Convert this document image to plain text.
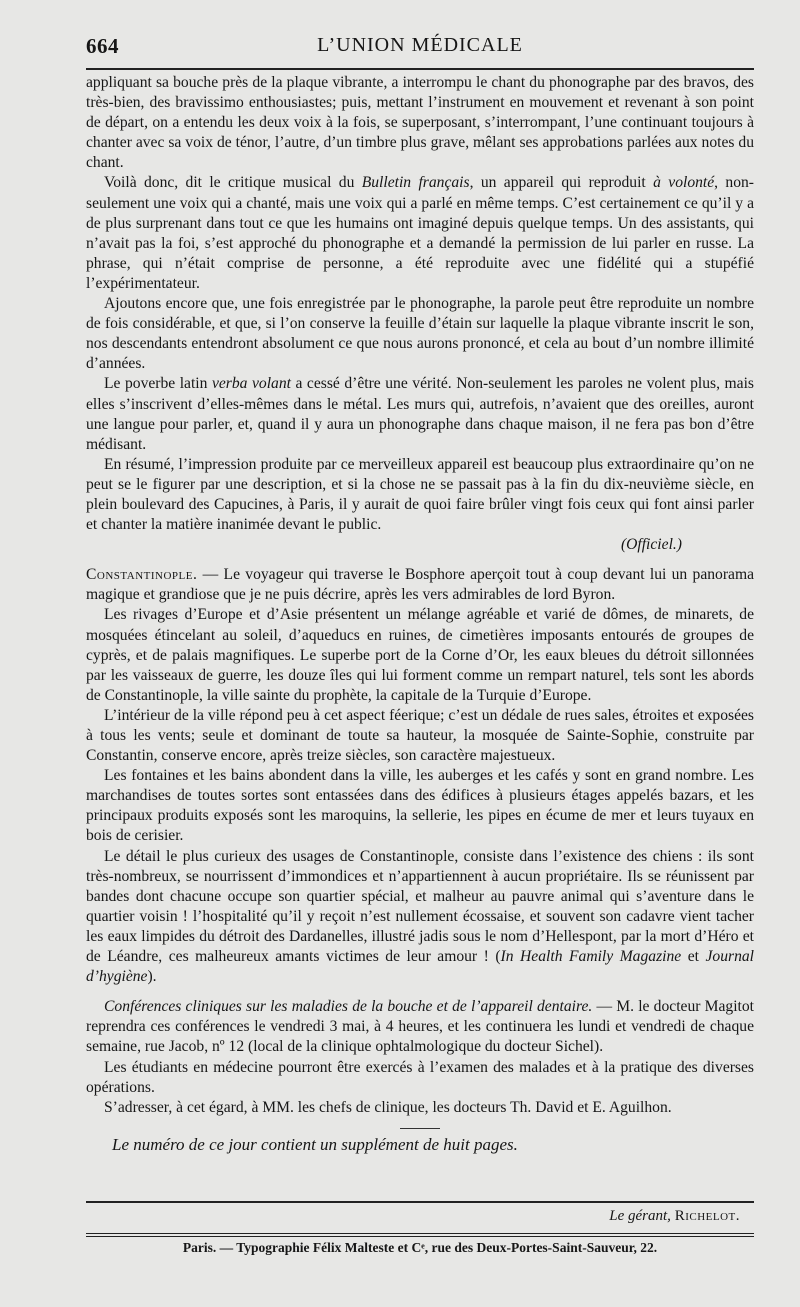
664	L’UNION MÉDICALE

appliquant sa bouche près de la plaque vibrante, a interrompu le chant du phonographe par des bravos, des très-bien, des bravissimo enthousiastes; puis, mettant l’instrument en mouvement et revenant à son point de départ, on a entendu les deux voix à la fois, se superposant, s’interrompant, l’une continuant toujours à chanter avec sa voix de ténor, l’autre, d’un timbre plus grave, mêlant ses approbations parlées aux notes du chant.

Voilà donc, dit le critique musical du Bulletin français, un appareil qui reproduit à volonté, non-seulement une voix qui a chanté, mais une voix qui a parlé en même temps. C’est certainement ce qu’il y a de plus surprenant dans tout ce que les humains ont imaginé depuis quelque temps. Un des assistants, qui n’avait pas la foi, s’est approché du phonographe et a demandé la permission de lui parler en russe. La phrase, qui n’était comprise de personne, a été reproduite avec une fidélité qui a stupéfié l’expérimentateur.

Ajoutons encore que, une fois enregistrée par le phonographe, la parole peut être reproduite un nombre de fois considérable, et que, si l’on conserve la feuille d’étain sur laquelle la plaque vibrante inscrit le son, nos descendants entendront absolument ce que nous aurons prononcé, et cela au bout d’un nombre illimité d’années.

Le poverbe latin verba volant a cessé d’être une vérité. Non-seulement les paroles ne volent plus, mais elles s’inscrivent d’elles-mêmes dans le métal. Les murs qui, autrefois, n’avaient que des oreilles, auront une langue pour parler, et, quand il y aura un phonographe dans chaque maison, il ne fera pas bon d’être médisant.

En résumé, l’impression produite par ce merveilleux appareil est beaucoup plus extraordinaire qu’on ne peut se le figurer par une description, et si la chose ne se passait pas à la fin du dix-neuvième siècle, en plein boulevard des Capucines, à Paris, il y aurait de quoi faire brûler vingt fois ceux qui font ainsi parler et chanter la matière inanimée devant le public.

(Officiel.)

Constantinople. — Le voyageur qui traverse le Bosphore aperçoit tout à coup devant lui un panorama magique et grandiose que je ne puis décrire, après les vers admirables de lord Byron.

Les rivages d’Europe et d’Asie présentent un mélange agréable et varié de dômes, de minarets, de mosquées étincelant au soleil, d’aqueducs en ruines, de cimetières imposants entourés de groupes de cyprès, et de palais magnifiques. Le superbe port de la Corne d’Or, les eaux bleues du détroit sillonnées par les vaisseaux de guerre, les douze îles qui lui forment comme un rempart naturel, tels sont les abords de Constantinople, la ville sainte du prophète, la capitale de la Turquie d’Europe.

L’intérieur de la ville répond peu à cet aspect féerique; c’est un dédale de rues sales, étroites et exposées à tous les vents; seule et dominant de toute sa hauteur, la mosquée de Sainte-Sophie, construite par Constantin, conserve encore, après treize siècles, son caractère majestueux.

Les fontaines et les bains abondent dans la ville, les auberges et les cafés y sont en grand nombre. Les marchandises de toutes sortes sont entassées dans des édifices à plusieurs étages appelés bazars, et les principaux produits exposés sont les maroquins, la sellerie, les pipes en écume de mer et leurs tuyaux en bois de cerisier.

Le détail le plus curieux des usages de Constantinople, consiste dans l’existence des chiens : ils sont très-nombreux, se nourrissent d’immondices et n’appartiennent à aucun propriétaire. Ils se réunissent par bandes dont chacune occupe son quartier spécial, et malheur au pauvre animal qui s’aventure dans le quartier voisin ! l’hospitalité qu’il y reçoit n’est nullement écossaise, et souvent son cadavre vient tacher les eaux limpides du détroit des Dardanelles, illustré jadis sous le nom d’Hellespont, par la mort d’Héro et de Léandre, ces malheureux amants victimes de leur amour ! (In Health Family Magazine et Journal d’hygiène).

Conférences cliniques sur les maladies de la bouche et de l’appareil dentaire. — M. le docteur Magitot reprendra ces conférences le vendredi 3 mai, à 4 heures, et les continuera les lundi et vendredi de chaque semaine, rue Jacob, nº 12 (local de la clinique ophtalmologique du docteur Sichel).

Les étudiants en médecine pourront être exercés à l’examen des malades et à la pratique des diverses opérations.

S’adresser, à cet égard, à MM. les chefs de clinique, les docteurs Th. David et E. Aguilhon.

Le numéro de ce jour contient un supplément de huit pages.

Le gérant, Richelot.
Paris. — Typographie Félix Malteste et Cᵉ, rue des Deux-Portes-Saint-Sauveur, 22.
